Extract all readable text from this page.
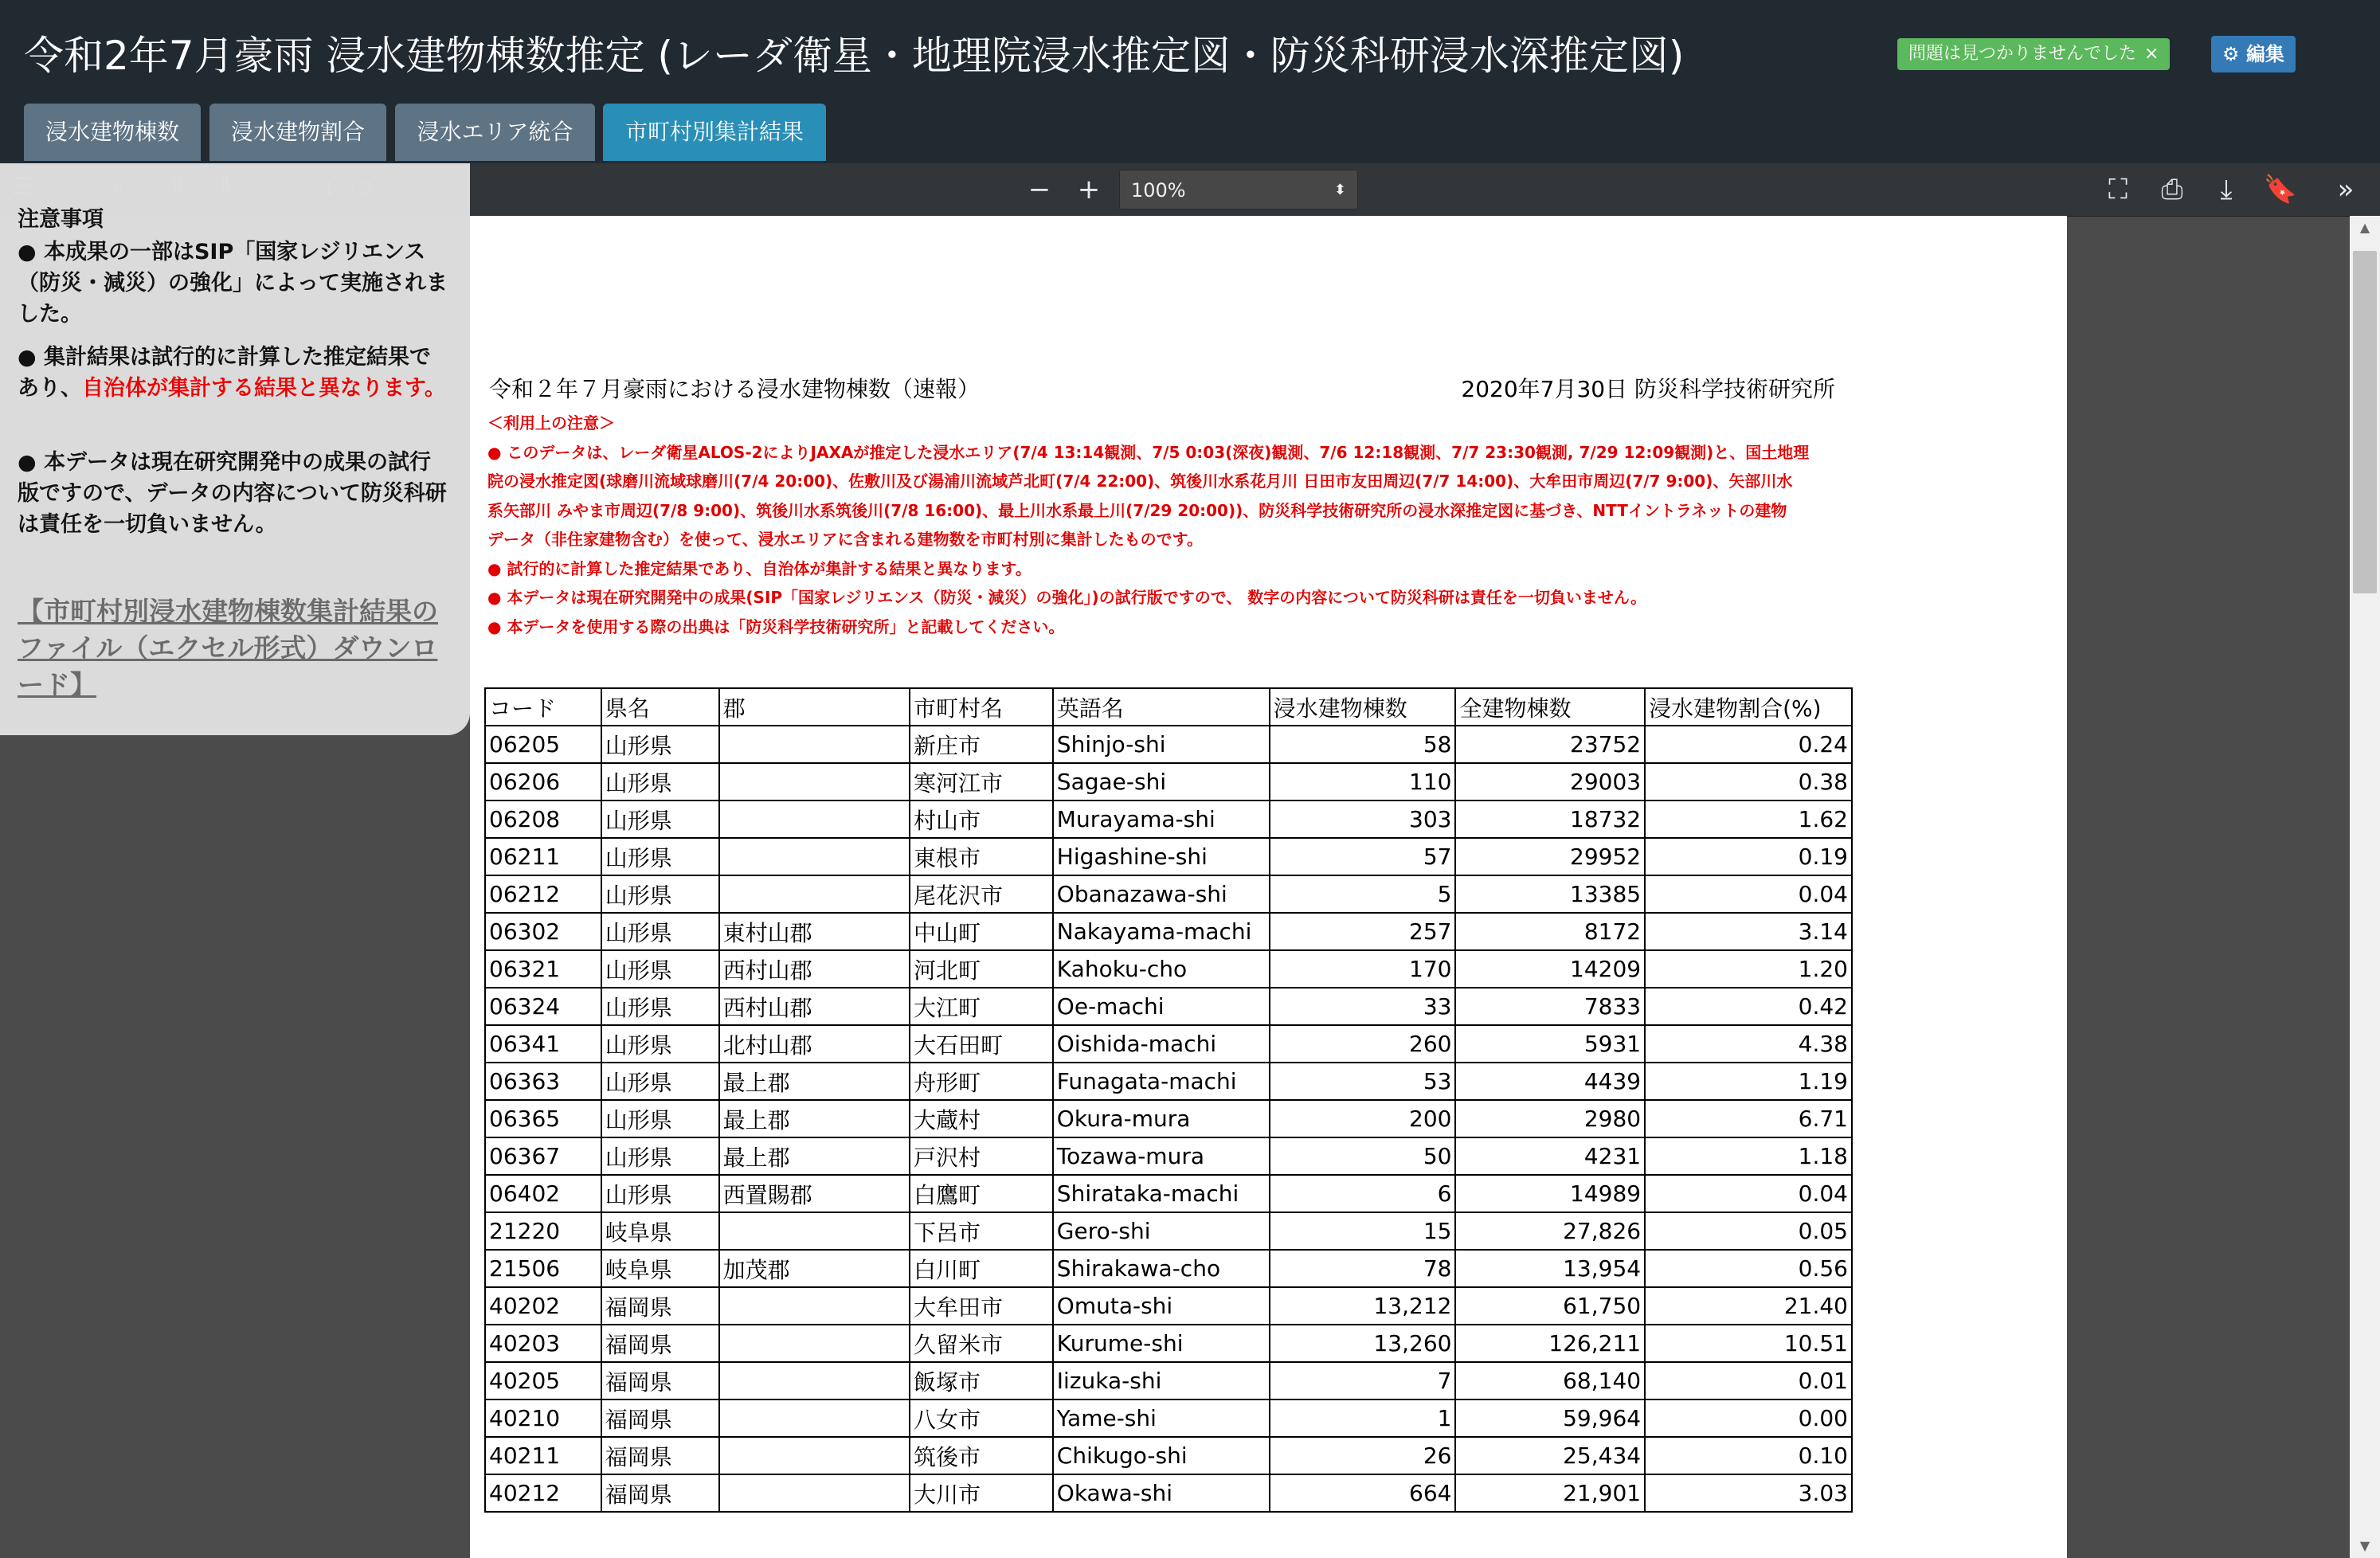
令和2年7月豪雨 浸水建物棟数推定 (レーダ衛星・地理院浸水推定図・防災科研浸水深推定図)	問題は見つかりませんでした ×	⚙ 編集
浸水建物棟数	浸水建物割合	浸水エリア統合	市町村別集計結果
− +	100%	⬍	⛶	⎙	⤓	🔖	»
令和２年７月豪雨における浸水建物棟数（速報）	2020年7月30日 防災科学技術研究所
＜利用上の注意＞
● このデータは、レーダ衛星ALOS-2によりJAXAが推定した浸水エリア(7/4 13:14観測、7/5 0:03(深夜)観測、7/6 12:18観測、7/7 23:30観測, 7/29 12:09観測)と、国土地理
院の浸水推定図(球磨川流域球磨川(7/4 20:00)、佐敷川及び湯浦川流域芦北町(7/4 22:00)、筑後川水系花月川 日田市友田周辺(7/7 14:00)、大牟田市周辺(7/7 9:00)、矢部川水
系矢部川 みやま市周辺(7/8 9:00)、筑後川水系筑後川(7/8 16:00)、最上川水系最上川(7/29 20:00))、防災科学技術研究所の浸水深推定図に基づき、NTTイントラネットの建物
データ（非住家建物含む）を使って、浸水エリアに含まれる建物数を市町村別に集計したものです。
● 試行的に計算した推定結果であり、自治体が集計する結果と異なります。
● 本データは現在研究開発中の成果(SIP「国家レジリエンス（防災・減災）の強化」)の試行版ですので、 数字の内容について防災科研は責任を一切負いません。
● 本データを使用する際の出典は「防災科学技術研究所」と記載してください。
コード	県名	郡	市町村名	英語名	浸水建物棟数	全建物棟数	浸水建物割合(%)
06205	山形県		新庄市	Shinjo-shi	58	23752	0.24
06206	山形県		寒河江市	Sagae-shi	110	29003	0.38
06208	山形県		村山市	Murayama-shi	303	18732	1.62
06211	山形県		東根市	Higashine-shi	57	29952	0.19
06212	山形県		尾花沢市	Obanazawa-shi	5	13385	0.04
06302	山形県	東村山郡	中山町	Nakayama-machi	257	8172	3.14
06321	山形県	西村山郡	河北町	Kahoku-cho	170	14209	1.20
06324	山形県	西村山郡	大江町	Oe-machi	33	7833	0.42
06341	山形県	北村山郡	大石田町	Oishida-machi	260	5931	4.38
06363	山形県	最上郡	舟形町	Funagata-machi	53	4439	1.19
06365	山形県	最上郡	大蔵村	Okura-mura	200	2980	6.71
06367	山形県	最上郡	戸沢村	Tozawa-mura	50	4231	1.18
06402	山形県	西置賜郡	白鷹町	Shirataka-machi	6	14989	0.04
21220	岐阜県		下呂市	Gero-shi	15	27,826	0.05
21506	岐阜県	加茂郡	白川町	Shirakawa-cho	78	13,954	0.56
40202	福岡県		大牟田市	Omuta-shi	13,212	61,750	21.40
40203	福岡県		久留米市	Kurume-shi	13,260	126,211	10.51
40205	福岡県		飯塚市	Iizuka-shi	7	68,140	0.01
40210	福岡県		八女市	Yame-shi	1	59,964	0.00
40211	福岡県		筑後市	Chikugo-shi	26	25,434	0.10
40212	福岡県		大川市	Okawa-shi	664	21,901	3.03
▲
▼
注意事項
● 本成果の一部はSIP「国家レジリエンス（防災・減災）の強化」によって実施されました。
● 集計結果は試行的に計算した推定結果であり、自治体が集計する結果と異なります。
● 本データは現在研究開発中の成果の試行版ですので、データの内容について防災科研は責任を一切負いません。
【市町村別浸水建物棟数集計結果のファイル（エクセル形式）ダウンロード】
